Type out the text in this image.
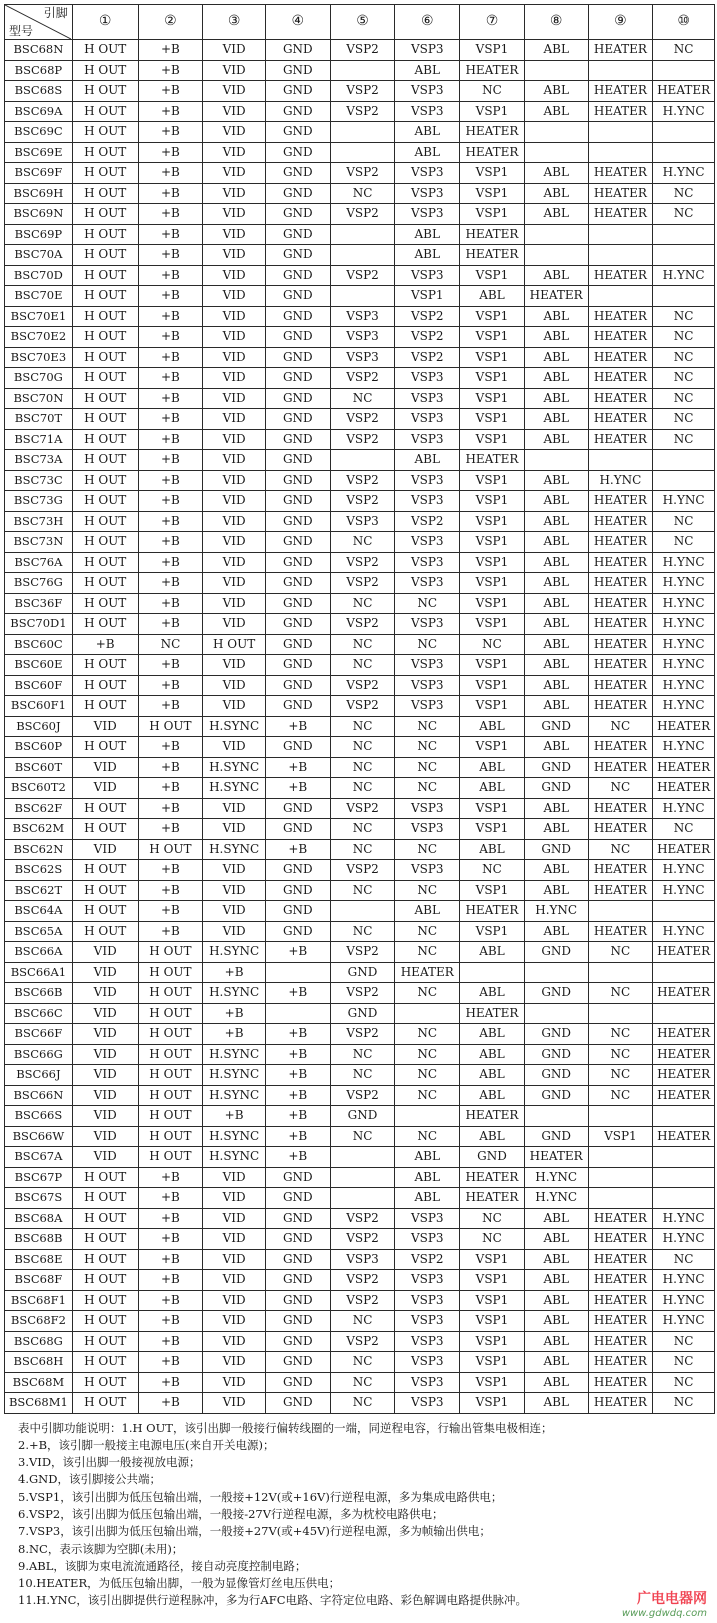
引脚
型号	①	②	③	④	⑤	⑥	⑦	⑧	⑨	⑩
BSC68N	H OUT	+B	VID	GND	VSP2	VSP3	VSP1	ABL	HEATER	NC
BSC68P	H OUT	+B	VID	GND		ABL	HEATER			
BSC68S	H OUT	+B	VID	GND	VSP2	VSP3	NC	ABL	HEATER	HEATER
BSC69A	H OUT	+B	VID	GND	VSP2	VSP3	VSP1	ABL	HEATER	H.YNC
BSC69C	H OUT	+B	VID	GND		ABL	HEATER			
BSC69E	H OUT	+B	VID	GND		ABL	HEATER			
BSC69F	H OUT	+B	VID	GND	VSP2	VSP3	VSP1	ABL	HEATER	H.YNC
BSC69H	H OUT	+B	VID	GND	NC	VSP3	VSP1	ABL	HEATER	NC
BSC69N	H OUT	+B	VID	GND	VSP2	VSP3	VSP1	ABL	HEATER	NC
BSC69P	H OUT	+B	VID	GND		ABL	HEATER			
BSC70A	H OUT	+B	VID	GND		ABL	HEATER			
BSC70D	H OUT	+B	VID	GND	VSP2	VSP3	VSP1	ABL	HEATER	H.YNC
BSC70E	H OUT	+B	VID	GND		VSP1	ABL	HEATER		
BSC70E1	H OUT	+B	VID	GND	VSP3	VSP2	VSP1	ABL	HEATER	NC
BSC70E2	H OUT	+B	VID	GND	VSP3	VSP2	VSP1	ABL	HEATER	NC
BSC70E3	H OUT	+B	VID	GND	VSP3	VSP2	VSP1	ABL	HEATER	NC
BSC70G	H OUT	+B	VID	GND	VSP2	VSP3	VSP1	ABL	HEATER	NC
BSC70N	H OUT	+B	VID	GND	NC	VSP3	VSP1	ABL	HEATER	NC
BSC70T	H OUT	+B	VID	GND	VSP2	VSP3	VSP1	ABL	HEATER	NC
BSC71A	H OUT	+B	VID	GND	VSP2	VSP3	VSP1	ABL	HEATER	NC
BSC73A	H OUT	+B	VID	GND		ABL	HEATER			
BSC73C	H OUT	+B	VID	GND	VSP2	VSP3	VSP1	ABL	H.YNC	
BSC73G	H OUT	+B	VID	GND	VSP2	VSP3	VSP1	ABL	HEATER	H.YNC
BSC73H	H OUT	+B	VID	GND	VSP3	VSP2	VSP1	ABL	HEATER	NC
BSC73N	H OUT	+B	VID	GND	NC	VSP3	VSP1	ABL	HEATER	NC
BSC76A	H OUT	+B	VID	GND	VSP2	VSP3	VSP1	ABL	HEATER	H.YNC
BSC76G	H OUT	+B	VID	GND	VSP2	VSP3	VSP1	ABL	HEATER	H.YNC
BSC36F	H OUT	+B	VID	GND	NC	NC	VSP1	ABL	HEATER	H.YNC
BSC70D1	H OUT	+B	VID	GND	VSP2	VSP3	VSP1	ABL	HEATER	H.YNC
BSC60C	+B	NC	H OUT	GND	NC	NC	NC	ABL	HEATER	H.YNC
BSC60E	H OUT	+B	VID	GND	NC	VSP3	VSP1	ABL	HEATER	H.YNC
BSC60F	H OUT	+B	VID	GND	VSP2	VSP3	VSP1	ABL	HEATER	H.YNC
BSC60F1	H OUT	+B	VID	GND	VSP2	VSP3	VSP1	ABL	HEATER	H.YNC
BSC60J	VID	H OUT	H.SYNC	+B	NC	NC	ABL	GND	NC	HEATER
BSC60P	H OUT	+B	VID	GND	NC	NC	VSP1	ABL	HEATER	H.YNC
BSC60T	VID	+B	H.SYNC	+B	NC	NC	ABL	GND	HEATER	HEATER
BSC60T2	VID	+B	H.SYNC	+B	NC	NC	ABL	GND	NC	HEATER
BSC62F	H OUT	+B	VID	GND	VSP2	VSP3	VSP1	ABL	HEATER	H.YNC
BSC62M	H OUT	+B	VID	GND	NC	VSP3	VSP1	ABL	HEATER	NC
BSC62N	VID	H OUT	H.SYNC	+B	NC	NC	ABL	GND	NC	HEATER
BSC62S	H OUT	+B	VID	GND	VSP2	VSP3	NC	ABL	HEATER	H.YNC
BSC62T	H OUT	+B	VID	GND	NC	NC	VSP1	ABL	HEATER	H.YNC
BSC64A	H OUT	+B	VID	GND		ABL	HEATER	H.YNC		
BSC65A	H OUT	+B	VID	GND	NC	NC	VSP1	ABL	HEATER	H.YNC
BSC66A	VID	H OUT	H.SYNC	+B	VSP2	NC	ABL	GND	NC	HEATER
BSC66A1	VID	H OUT	+B		GND	HEATER				
BSC66B	VID	H OUT	H.SYNC	+B	VSP2	NC	ABL	GND	NC	HEATER
BSC66C	VID	H OUT	+B		GND		HEATER			
BSC66F	VID	H OUT	+B	+B	VSP2	NC	ABL	GND	NC	HEATER
BSC66G	VID	H OUT	H.SYNC	+B	NC	NC	ABL	GND	NC	HEATER
BSC66J	VID	H OUT	H.SYNC	+B	NC	NC	ABL	GND	NC	HEATER
BSC66N	VID	H OUT	H.SYNC	+B	VSP2	NC	ABL	GND	NC	HEATER
BSC66S	VID	H OUT	+B	+B	GND		HEATER			
BSC66W	VID	H OUT	H.SYNC	+B	NC	NC	ABL	GND	VSP1	HEATER
BSC67A	VID	H OUT	H.SYNC	+B		ABL	GND	HEATER		
BSC67P	H OUT	+B	VID	GND		ABL	HEATER	H.YNC		
BSC67S	H OUT	+B	VID	GND		ABL	HEATER	H.YNC		
BSC68A	H OUT	+B	VID	GND	VSP2	VSP3	NC	ABL	HEATER	H.YNC
BSC68B	H OUT	+B	VID	GND	VSP2	VSP3	NC	ABL	HEATER	H.YNC
BSC68E	H OUT	+B	VID	GND	VSP3	VSP2	VSP1	ABL	HEATER	NC
BSC68F	H OUT	+B	VID	GND	VSP2	VSP3	VSP1	ABL	HEATER	H.YNC
BSC68F1	H OUT	+B	VID	GND	VSP2	VSP3	VSP1	ABL	HEATER	H.YNC
BSC68F2	H OUT	+B	VID	GND	NC	VSP3	VSP1	ABL	HEATER	H.YNC
BSC68G	H OUT	+B	VID	GND	VSP2	VSP3	VSP1	ABL	HEATER	NC
BSC68H	H OUT	+B	VID	GND	NC	VSP3	VSP1	ABL	HEATER	NC
BSC68M	H OUT	+B	VID	GND	NC	VSP3	VSP1	ABL	HEATER	NC
BSC68M1	H OUT	+B	VID	GND	NC	VSP3	VSP1	ABL	HEATER	NC
表中引脚功能说明：1.H OUT，该引出脚一般接行偏转线圈的一端，同逆程电容，行输出管集电极相连；
2.+B，该引脚一般接主电源电压(来自开关电源)；
3.VID，该引出脚一般接视放电源；
4.GND，该引脚接公共端；
5.VSP1，该引出脚为低压包输出端，一般接+12V(或+16V)行逆程电源，多为集成电路供电；
6.VSP2，该引出脚为低压包输出端，一般接-27V行逆程电源，多为枕校电路供电；
7.VSP3，该引出脚为低压包输出端，一般接+27V(或+45V)行逆程电源，多为帧输出供电；
8.NC，表示该脚为空脚(未用)；
9.ABL，该脚为束电流流通路径，接自动亮度控制电路；
10.HEATER，为低压包输出脚，一般为显像管灯丝电压供电；
11.H.YNC，该引出脚提供行逆程脉冲，多为行AFC电路、字符定位电路、彩色解调电路提供脉冲。	广电电器网
www.gdwdq.com
